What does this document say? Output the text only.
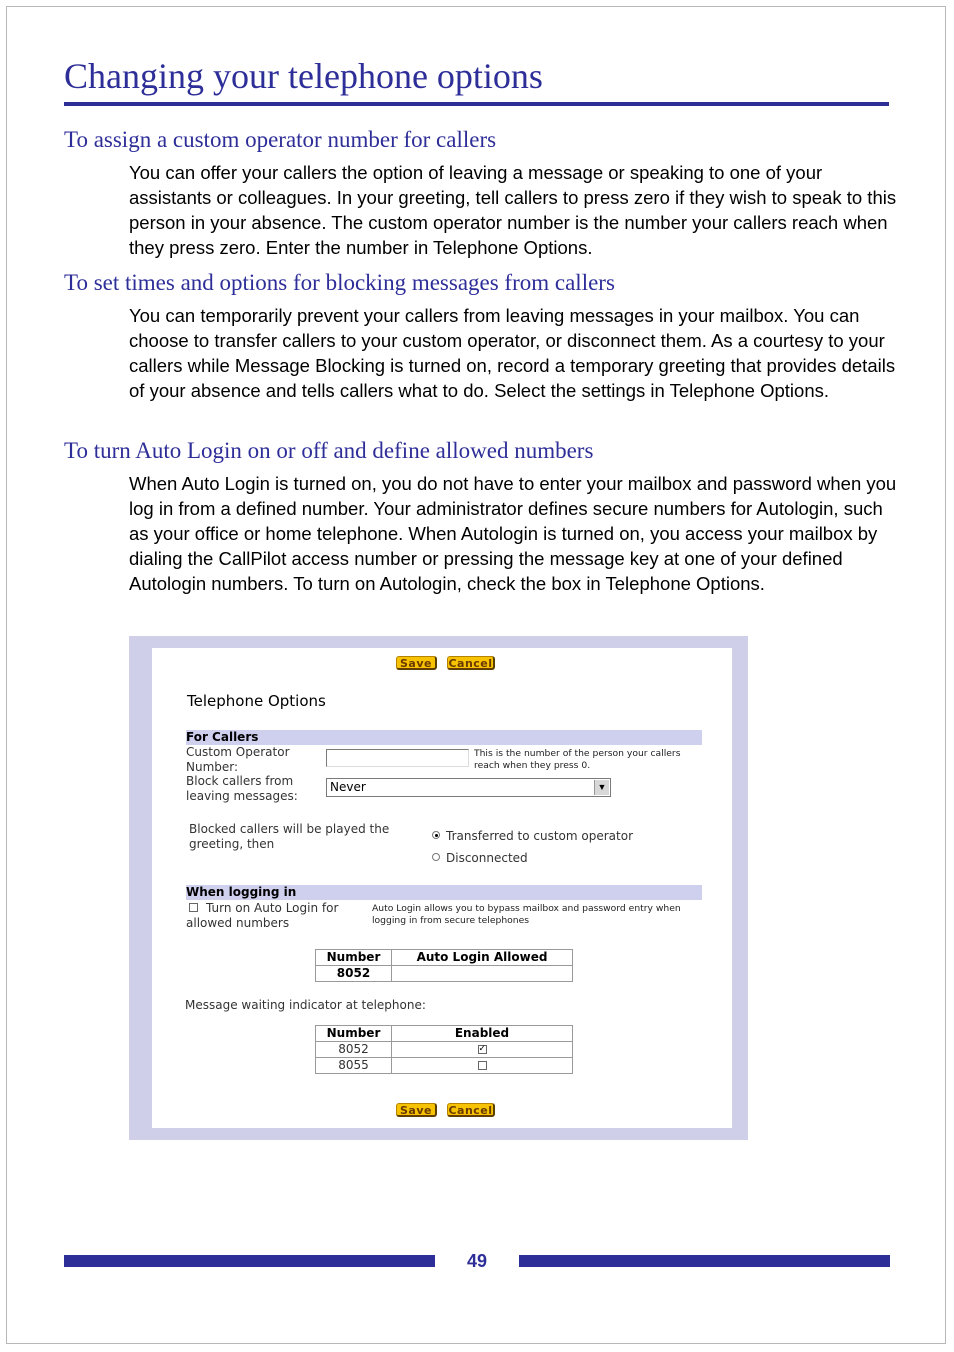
Changing your telephone options
To assign a custom operator number for callers

You can offer your callers the option of leaving a message or speaking to one of your assistants or colleagues. In your greeting, tell callers to press zero if they wish to speak to this person in your absence. The custom operator number is the number your callers reach when they press zero. Enter the number in Telephone Options.

To set times and options for blocking messages from callers

You can temporarily prevent your callers from leaving messages in your mailbox. You can choose to transfer callers to your custom operator, or disconnect them. As a courtesy to your callers while Message Blocking is turned on, record a temporary greeting that provides details of your absence and tells callers what to do. Select the settings in Telephone Options.

To turn Auto Login on or off and define allowed numbers

When Auto Login is turned on, you do not have to enter your mailbox and password when you log in from a defined number. Your administrator defines secure numbers for Autologin, such as your office or home telephone. When Autologin is turned on, you access your mailbox by dialing the CallPilot access number or pressing the message key at one of your defined Autologin numbers. To turn on Autologin, check the box in Telephone Options.

Save	Cancel
Telephone Options
For Callers
Custom Operator Number:
This is the number of the person your callers reach when they press 0.
Block callers from leaving messages:
Never	▼
Blocked callers will be played the greeting, then
Transferred to custom operator
Disconnected
When logging in
Turn on Auto Login for allowed numbers
Auto Login allows you to bypass mailbox and password entry when logging in from secure telephones
Number	Auto Login Allowed
8052	
Message waiting indicator at telephone:
Number	Enabled
8052	✓
8055	
Save	Cancel
49
